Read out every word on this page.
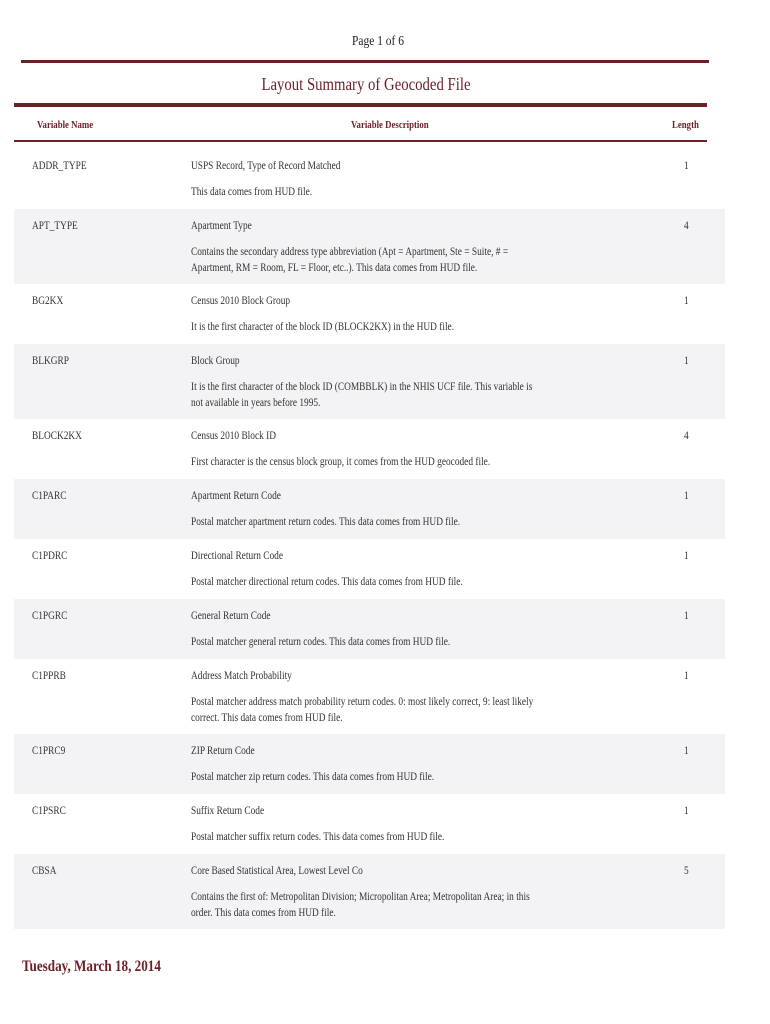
Page 1 of 6
Layout Summary of Geocoded File
Variable Name	Variable Description	Length
ADDR_TYPE	USPS Record, Type of Record Matched	1
This data comes from HUD file.
APT_TYPE	Apartment Type	4
Contains the secondary address type abbreviation (Apt = Apartment, Ste = Suite, # = Apartment, RM = Room, FL = Floor, etc..). This data comes from HUD file.
BG2KX	Census 2010 Block Group	1
It is the first character of the block ID (BLOCK2KX) in the HUD file.
BLKGRP	Block Group	1
It is the first character of the block ID (COMBBLK) in the NHIS UCF file. This variable is not available in years before 1995.
BLOCK2KX	Census 2010 Block ID	4
First character is the census block group, it comes from the HUD geocoded file.
C1PARC	Apartment Return Code	1
Postal matcher apartment return codes. This data comes from HUD file.
C1PDRC	Directional Return Code	1
Postal matcher directional return codes. This data comes from HUD file.
C1PGRC	General Return Code	1
Postal matcher general return codes. This data comes from HUD file.
C1PPRB	Address Match Probability	1
Postal matcher address match probability return codes. 0: most likely correct, 9: least likely correct. This data comes from HUD file.
C1PRC9	ZIP Return Code	1
Postal matcher zip return codes. This data comes from HUD file.
C1PSRC	Suffix Return Code	1
Postal matcher suffix return codes. This data comes from HUD file.
CBSA	Core Based Statistical Area, Lowest Level Co	5
Contains the first of: Metropolitan Division; Micropolitan Area; Metropolitan Area; in this order. This data comes from HUD file.
Tuesday, March 18, 2014
